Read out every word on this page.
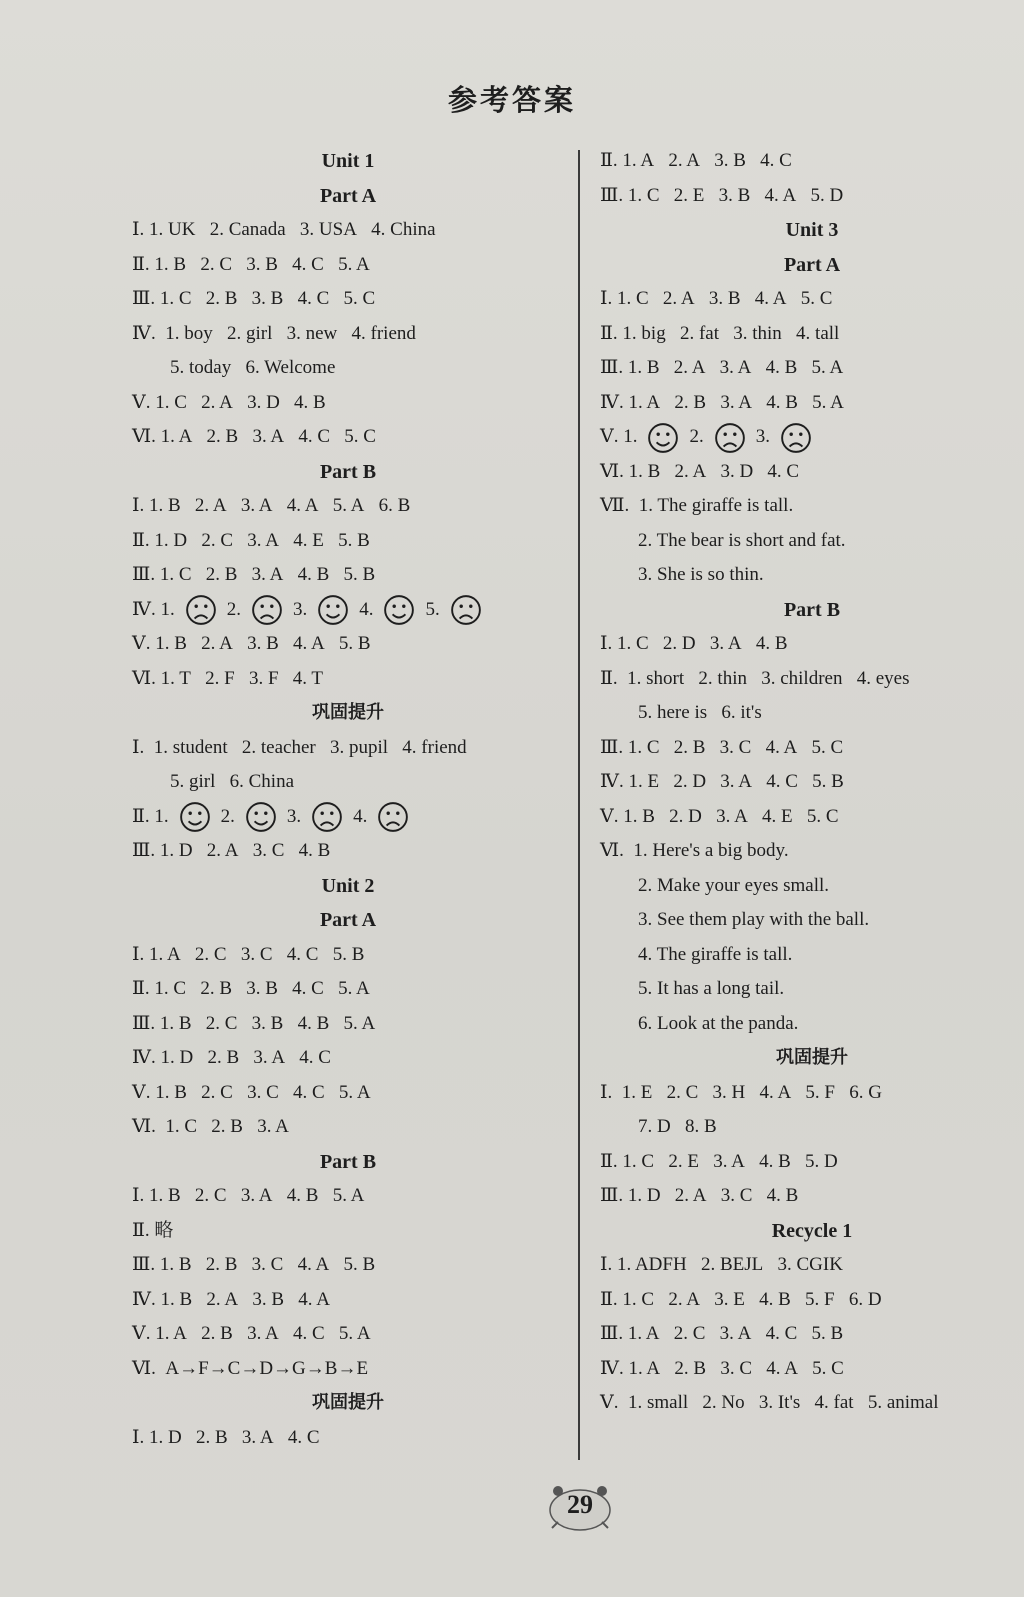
参考答案
Unit 1
Part A
Ⅰ. 1. UK   2. Canada   3. USA   4. China
Ⅱ. 1. B   2. C   3. B   4. C   5. A
Ⅲ. 1. C   2. B   3. B   4. C   5. C
Ⅳ.  1. boy   2. girl   3. new   4. friend
5. today   6. Welcome
Ⅴ. 1. C   2. A   3. D   4. B
Ⅵ. 1. A   2. B   3. A   4. C   5. C
Part B
Ⅰ. 1. B   2. A   3. A   4. A   5. A   6. B
Ⅱ. 1. D   2. C   3. A   4. E   5. B
Ⅲ. 1. C   2. B   3. A   4. B   5. B
Ⅳ. 1.	2.	3.	4.	5.
Ⅴ. 1. B   2. A   3. B   4. A   5. B
Ⅵ. 1. T   2. F   3. F   4. T
巩固提升
Ⅰ.  1. student   2. teacher   3. pupil   4. friend
5. girl   6. China
Ⅱ. 1.	2.	3.	4.
Ⅲ. 1. D   2. A   3. C   4. B
Unit 2
Part A
Ⅰ. 1. A   2. C   3. C   4. C   5. B
Ⅱ. 1. C   2. B   3. B   4. C   5. A
Ⅲ. 1. B   2. C   3. B   4. B   5. A
Ⅳ. 1. D   2. B   3. A   4. C
Ⅴ. 1. B   2. C   3. C   4. C   5. A
Ⅵ.  1. C   2. B   3. A
Part B
Ⅰ. 1. B   2. C   3. A   4. B   5. A
Ⅱ. 略
Ⅲ. 1. B   2. B   3. C   4. A   5. B
Ⅳ. 1. B   2. A   3. B   4. A
Ⅴ. 1. A   2. B   3. A   4. C   5. A
Ⅵ.  A→F→C→D→G→B→E
巩固提升
Ⅰ. 1. D   2. B   3. A   4. C
Ⅱ. 1. A   2. A   3. B   4. C
Ⅲ. 1. C   2. E   3. B   4. A   5. D
Unit 3
Part A
Ⅰ. 1. C   2. A   3. B   4. A   5. C
Ⅱ. 1. big   2. fat   3. thin   4. tall
Ⅲ. 1. B   2. A   3. A   4. B   5. A
Ⅳ. 1. A   2. B   3. A   4. B   5. A
Ⅴ. 1.	2.	3.
Ⅵ. 1. B   2. A   3. D   4. C
Ⅶ.  1. The giraffe is tall.
2. The bear is short and fat.
3. She is so thin.
Part B
Ⅰ. 1. C   2. D   3. A   4. B
Ⅱ.  1. short   2. thin   3. children   4. eyes
5. here is   6. it's
Ⅲ. 1. C   2. B   3. C   4. A   5. C
Ⅳ. 1. E   2. D   3. A   4. C   5. B
Ⅴ. 1. B   2. D   3. A   4. E   5. C
Ⅵ.  1. Here's a big body.
2. Make your eyes small.
3. See them play with the ball.
4. The giraffe is tall.
5. It has a long tail.
6. Look at the panda.
巩固提升
Ⅰ.  1. E   2. C   3. H   4. A   5. F   6. G
7. D   8. B
Ⅱ. 1. C   2. E   3. A   4. B   5. D
Ⅲ. 1. D   2. A   3. C   4. B
Recycle 1
Ⅰ. 1. ADFH   2. BEJL   3. CGIK
Ⅱ. 1. C   2. A   3. E   4. B   5. F   6. D
Ⅲ. 1. A   2. C   3. A   4. C   5. B
Ⅳ. 1. A   2. B   3. C   4. A   5. C
Ⅴ.  1. small   2. No   3. It's   4. fat   5. animal
29
